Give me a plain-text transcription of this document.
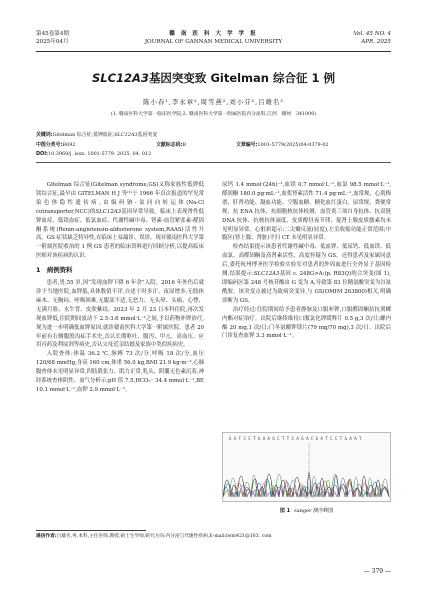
第45卷第4期
2025年04月
赣 南 医 科 大 学 学 报
JOURNAL OF GANNAN MEDICAL UNIVERSITY
Vol. 45 NO. 4
APR. 2025
SLC12A3基因突变致 Gitelman 综合征 1 例
陈小春¹,李永章²,周雪燕²,刘小芬²,吕雄名²
(1. 赣南医科大学第一临床医学院;2. 赣南医科大学第一附属医院内分泌科,江西　赣州　341000)
关键词:Gitelman 综合征;低钾血症;SLC12A3基因突变
中图分类号:R692	文献标志码:B	文章编号:1001-5779(2025)04-0379-02
DOI:10.3969/j. issn. 1001-5779. 2025. 04. 012

Gitelman 综合征(Gitelman syndrome,GS)又称家族性低钾低镁综合征,最早由 GITELMAN H J 等⁽¹⁾于 1966 年首次报道的罕见常染色体隐性遗传病,由编码钠-氯同向转运体(Na-Cl cotransporter,NCC)的SLC12A3基因异常导致。临床上表现肾性低钾血症、低镁血症、低氯血症、代谢性碱中毒、肾素-血管紧张素-醛固酮系统(Renin-angiotensin-aldosterone system,RAAS)活性升高。GS 症状缺乏特异性,在临床上易漏诊、误诊。现对赣南医科大学第一附属医院收治的 1 例 GS 患者的临床资料进行回顾分析,以提高临床医师对该疾病的认识。

1　病例资料

患者,男,55 岁,因“发现血钾下降 6 年余”入院。2016 年外伤后就诊于当地医院,血钾低,具体数值不详,自述于时多汗、夜尿增多,无肢体麻木、无胸闷、呼吸困难,无腹部不适,无恶力、无头晕、头痛、心悸、无满月脸、水牛背、皮肤紫纹。2023 年 2 月 23 日本科住院,再次发现血钾低,住院期间波动于 2.5-3.6 mmol·L⁻¹之间,予以药物补钾治疗,现为进一步明确低血钾原因,就诊赣南医科大学第一附属医院。患者 20 年前有右侧腹股沟疝手术史,否认长期呕吐、腹泻、甲亢、高血压、应用丙药及利尿剂等病史,否认父母近亲结婚及家族中类似疾病史。

入院查体:体温 36.2 ℃,脉搏 73 次/分,呼吸 18 次/分,血压 120/68 mmHg,身高 160 cm,体重 56.0 kg,BMI 21.9 kg·m⁻²,心肺腹查体未见明显异常,四肢肌张力、肌力正常,乳头、阴囊无色素沉着,神经系统查体阴性。血气分析示:pH 值 7.5,HCO₃⁻ 34.4 mmol·L⁻¹,BE 10.1 mmol·L⁻¹,血钾 2.9 mmol·L⁻¹,

尿钙 1.4 mmol·(24h)⁻¹,血镁 0.7 mmol·L⁻¹,血氯 98.5 mmol·L⁻¹,醛固酮 180.0 pg·mL⁻¹,血浆肾素活性 71.4 pg·mL⁻¹,血常规、心肌梅谱、肝肾功能、凝血功能、空腹血糖、糖化血红蛋白、尿常规、粪便常规、抗 ENA 抗体、抗细胞核抗体检测、血管炎三项自身抗体、抗双链 DNA 抗体、抗核抗体滴度、皮质醇昼夜节律、促肾上腺皮质激素均未见明显异常。心脏彩超示:二尖瓣反流(轻度),左室收缩功能正常范围;中腹区(肾上腺、肾脏)平扫 CT 未见明显异常。

检查结果提示该患者代谢性碱中毒、低血钾、低尿钙、低血镁、低血氯、高醛固酮及高肾素活性、高度怀疑为 GS。还得患者及家属同意后,委托杭州博圣医学检验实验室对患者的外周血进行全外显子基因检测,结果提示:SLC12A3基因 c. 248G>A:(p. R83Q)纯合突变(图 1),即编码区第 248 号核苷酸由 G 变为 A,导致第 83 位精氨酸突变为谷氨酰胺。该突变点被过为致病突变异,与 GS(OMIM 263800)相关,明确诊断为 GS。

治疗经过:住院期间给予患者静脉及口服补钾,口服醛固酮拮抗剂螺内酯对症治疗。出院后继续维持口服氯化钾缓释片 0.5 g,3 次/日;螺内酯 20 mg,1 次/日;门冬氨酸钾镁片(79 mg/70 mg),3 次/日。出院后门诊复查血钾 3.3 mmol·L⁻¹。

G A T C C T G A A G C T T C A G A C G A T C C T G A A T
图 1 sanger 测序峰图
通信作者:吕雄名,男,本科,主任医师,教授,硕士生导师,研究方向:内分泌与代谢性疾病,E-mail:lwm421@163. com
— 379 —
